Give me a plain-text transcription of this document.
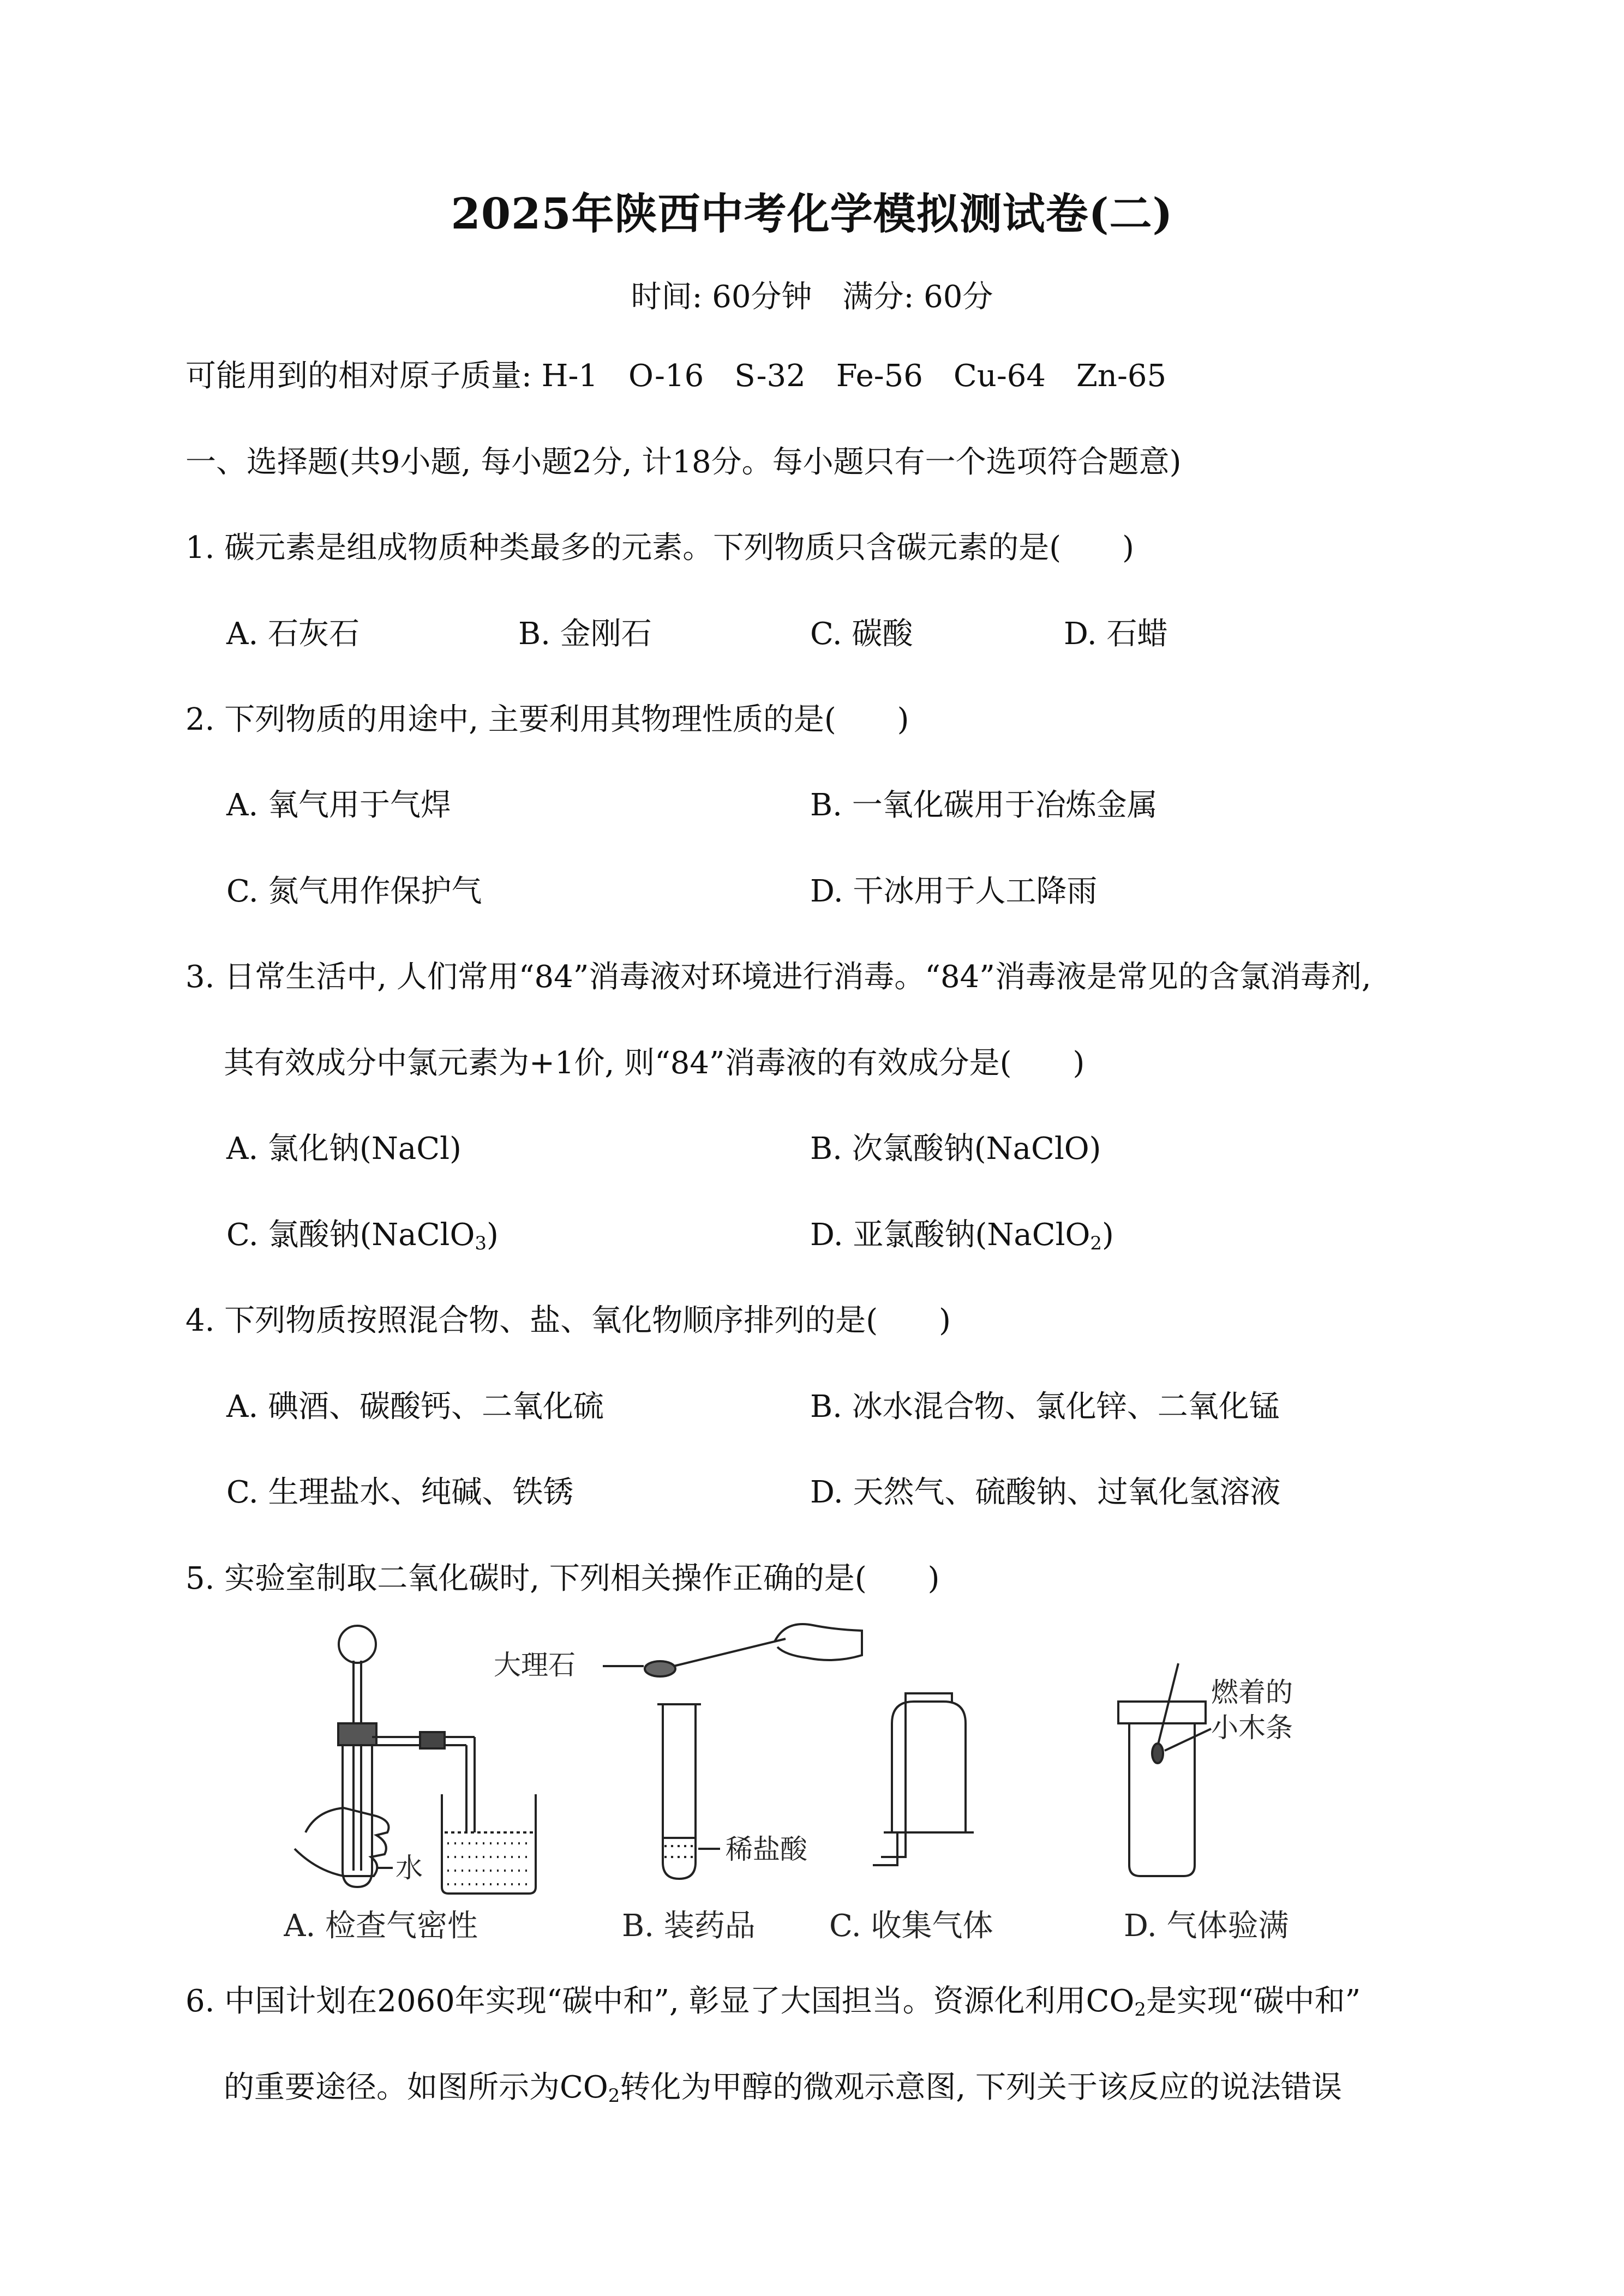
2025年陕西中考化学模拟测试卷(二)
时间: 60分钟　满分: 60分
可能用到的相对原子质量: H-1　O-16　S-32　Fe-56　Cu-64　Zn-65
一、选择题(共9小题, 每小题2分, 计18分。每小题只有一个选项符合题意)
1. 碳元素是组成物质种类最多的元素。下列物质只含碳元素的是(　　)
A. 石灰石	B. 金刚石	C. 碳酸	D. 石蜡
2. 下列物质的用途中, 主要利用其物理性质的是(　　)
A. 氧气用于气焊	B. 一氧化碳用于冶炼金属
C. 氮气用作保护气	D. 干冰用于人工降雨
3. 日常生活中, 人们常用“84”消毒液对环境进行消毒。“84”消毒液是常见的含氯消毒剂,
其有效成分中氯元素为+1价, 则“84”消毒液的有效成分是(　　)
A. 氯化钠(NaCl)	B. 次氯酸钠(NaClO)
C. 氯酸钠(NaClO$_3$)	D. 亚氯酸钠(NaClO$_2$)
4. 下列物质按照混合物、盐、氧化物顺序排列的是(　　)
A. 碘酒、碳酸钙、二氧化硫	B. 冰水混合物、氯化锌、二氧化锰
C. 生理盐水、纯碱、铁锈	D. 天然气、硫酸钠、过氧化氢溶液
5. 实验室制取二氧化碳时, 下列相关操作正确的是(　　)
水
大理石
稀盐酸
燃着的
小木条
A. 检查气密性	B. 装药品 C. 收集气体	D. 气体验满
6. 中国计划在2060年实现“碳中和”, 彰显了大国担当。资源化利用$CO_2$是实现“碳中和”
的重要途径。如图所示为$CO_2$转化为甲醇的微观示意图, 下列关于该反应的说法错误
